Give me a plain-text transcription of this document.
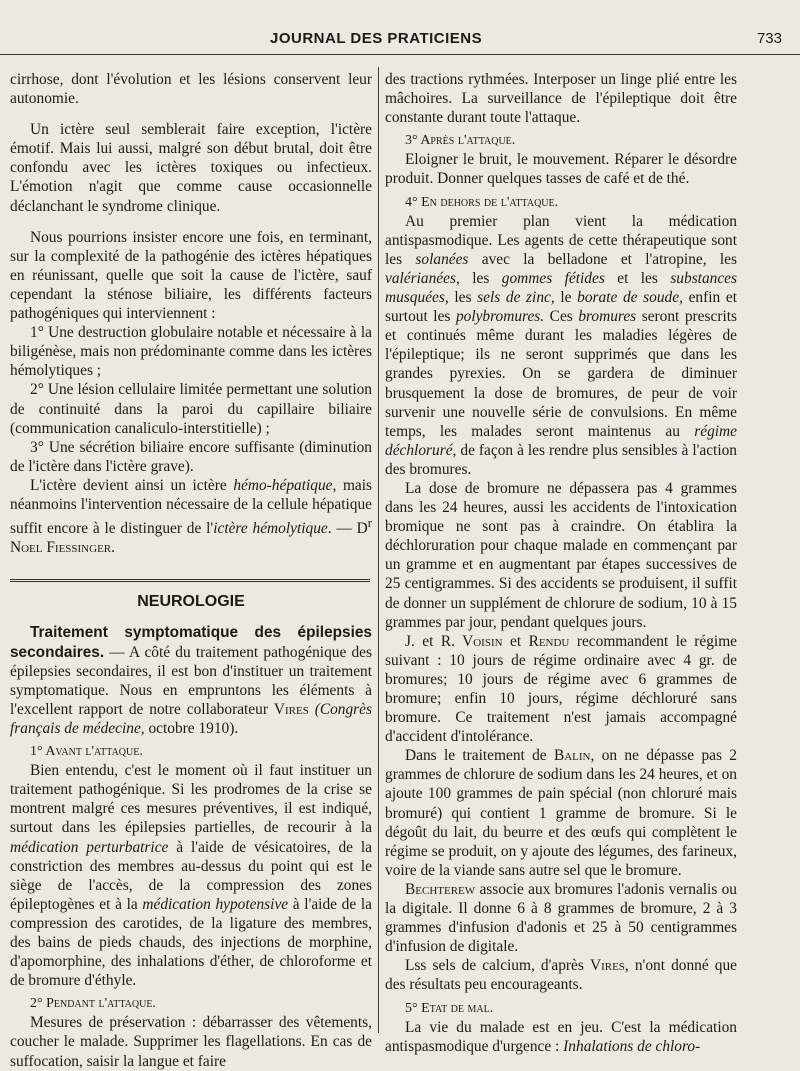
JOURNAL DES PRATICIENS	733

cirrhose, dont l'évolution et les lésions conservent leur autonomie.

Un ictère seul semblerait faire exception, l'ictère émotif. Mais lui aussi, malgré son début brutal, doit être confondu avec les ictères toxiques ou infectieux. L'émotion n'agit que comme cause occasionnelle déclanchant le syndrome clinique.

Nous pourrions insister encore une fois, en terminant, sur la complexité de la pathogénie des ictères hépatiques en réunissant, quelle que soit la cause de l'ictère, sauf cependant la sténose biliaire, les différents facteurs pathogéniques qui interviennent :

1° Une destruction globulaire notable et nécessaire à la biligénèse, mais non prédominante comme dans les ictères hémolytiques ;

2° Une lésion cellulaire limitée permettant une solution de continuité dans la paroi du capillaire biliaire (communication canaliculo-interstitielle) ;

3° Une sécrétion biliaire encore suffisante (diminution de l'ictère dans l'ictère grave).

L'ictère devient ainsi un ictère hémo-hépatique, mais néanmoins l'intervention nécessaire de la cellule hépatique suffit encore à le distinguer de l'ictère hémolytique. — $D^r$ Noel Fiessinger.

NEUROLOGIE

Traitement symptomatique des épilepsies secondaires. — A côté du traitement pathogénique des épilepsies secondaires, il est bon d'instituer un traitement symptomatique. Nous en empruntons les éléments à l'excellent rapport de notre collaborateur Vires (Congrès français de médecine, octobre 1910).

1° Avant l'attaque.

Bien entendu, c'est le moment où il faut instituer un traitement pathogénique. Si les prodromes de la crise se montrent malgré ces mesures préventives, il est indiqué, surtout dans les épilepsies partielles, de recourir à la médication perturbatrice à l'aide de vésicatoires, de la constriction des membres au-dessus du point qui est le siège de l'accès, de la compression des zones épileptogènes et à la médication hypotensive à l'aide de la compression des carotides, de la ligature des membres, des bains de pieds chauds, des injections de morphine, d'apomorphine, des inhalations d'éther, de chloroforme et de bromure d'éthyle.

2° Pendant l'attaque.

Mesures de préservation : débarrasser des vêtements, coucher le malade. Supprimer les flagellations. En cas de suffocation, saisir la langue et faire

des tractions rythmées. Interposer un linge plié entre les mâchoires. La surveillance de l'épileptique doit être constante durant toute l'attaque.

3° Après l'attaque.

Eloigner le bruit, le mouvement. Réparer le désordre produit. Donner quelques tasses de café et de thé.

4° En dehors de l'attaque.

Au premier plan vient la médication antispasmodique. Les agents de cette thérapeutique sont les solanées avec la belladone et l'atropine, les valérianées, les gommes fétides et les substances musquées, les sels de zinc, le borate de soude, enfin et surtout les polybromures. Ces bromures seront prescrits et continués même durant les maladies légères de l'épileptique; ils ne seront supprimés que dans les grandes pyrexies. On se gardera de diminuer brusquement la dose de bromures, de peur de voir survenir une nouvelle série de convulsions. En même temps, les malades seront maintenus au régime déchloruré, de façon à les rendre plus sensibles à l'action des bromures.

La dose de bromure ne dépassera pas 4 grammes dans les 24 heures, aussi les accidents de l'intoxication bromique ne sont pas à craindre. On établira la déchloruration pour chaque malade en commençant par un gramme et en augmentant par étapes successives de 25 centigrammes. Si des accidents se produisent, il suffit de donner un supplément de chlorure de sodium, 10 à 15 grammes par jour, pendant quelques jours.

J. et R. Voisin et Rendu recommandent le régime suivant : 10 jours de régime ordinaire avec 4 gr. de bromures; 10 jours de régime avec 6 grammes de bromure; enfin 10 jours, régime déchloruré sans bromure. Ce traitement n'est jamais accompagné d'accident d'intolérance.

Dans le traitement de Balin, on ne dépasse pas 2 grammes de chlorure de sodium dans les 24 heures, et on ajoute 100 grammes de pain spécial (non chloruré mais bromuré) qui contient 1 gramme de bromure. Si le dégoût du lait, du beurre et des œufs qui complètent le régime se produit, on y ajoute des légumes, des farineux, voire de la viande sans autre sel que le bromure.

Bechterew associe aux bromures l'adonis vernalis ou la digitale. Il donne 6 à 8 grammes de bromure, 2 à 3 grammes d'infusion d'adonis et 25 à 50 centigrammes d'infusion de digitale.

Lss sels de calcium, d'après Vires, n'ont donné que des résultats peu encourageants.

5° Etat de mal.

La vie du malade est en jeu. C'est la médication antispasmodique d'urgence : Inhalations de chloro-
